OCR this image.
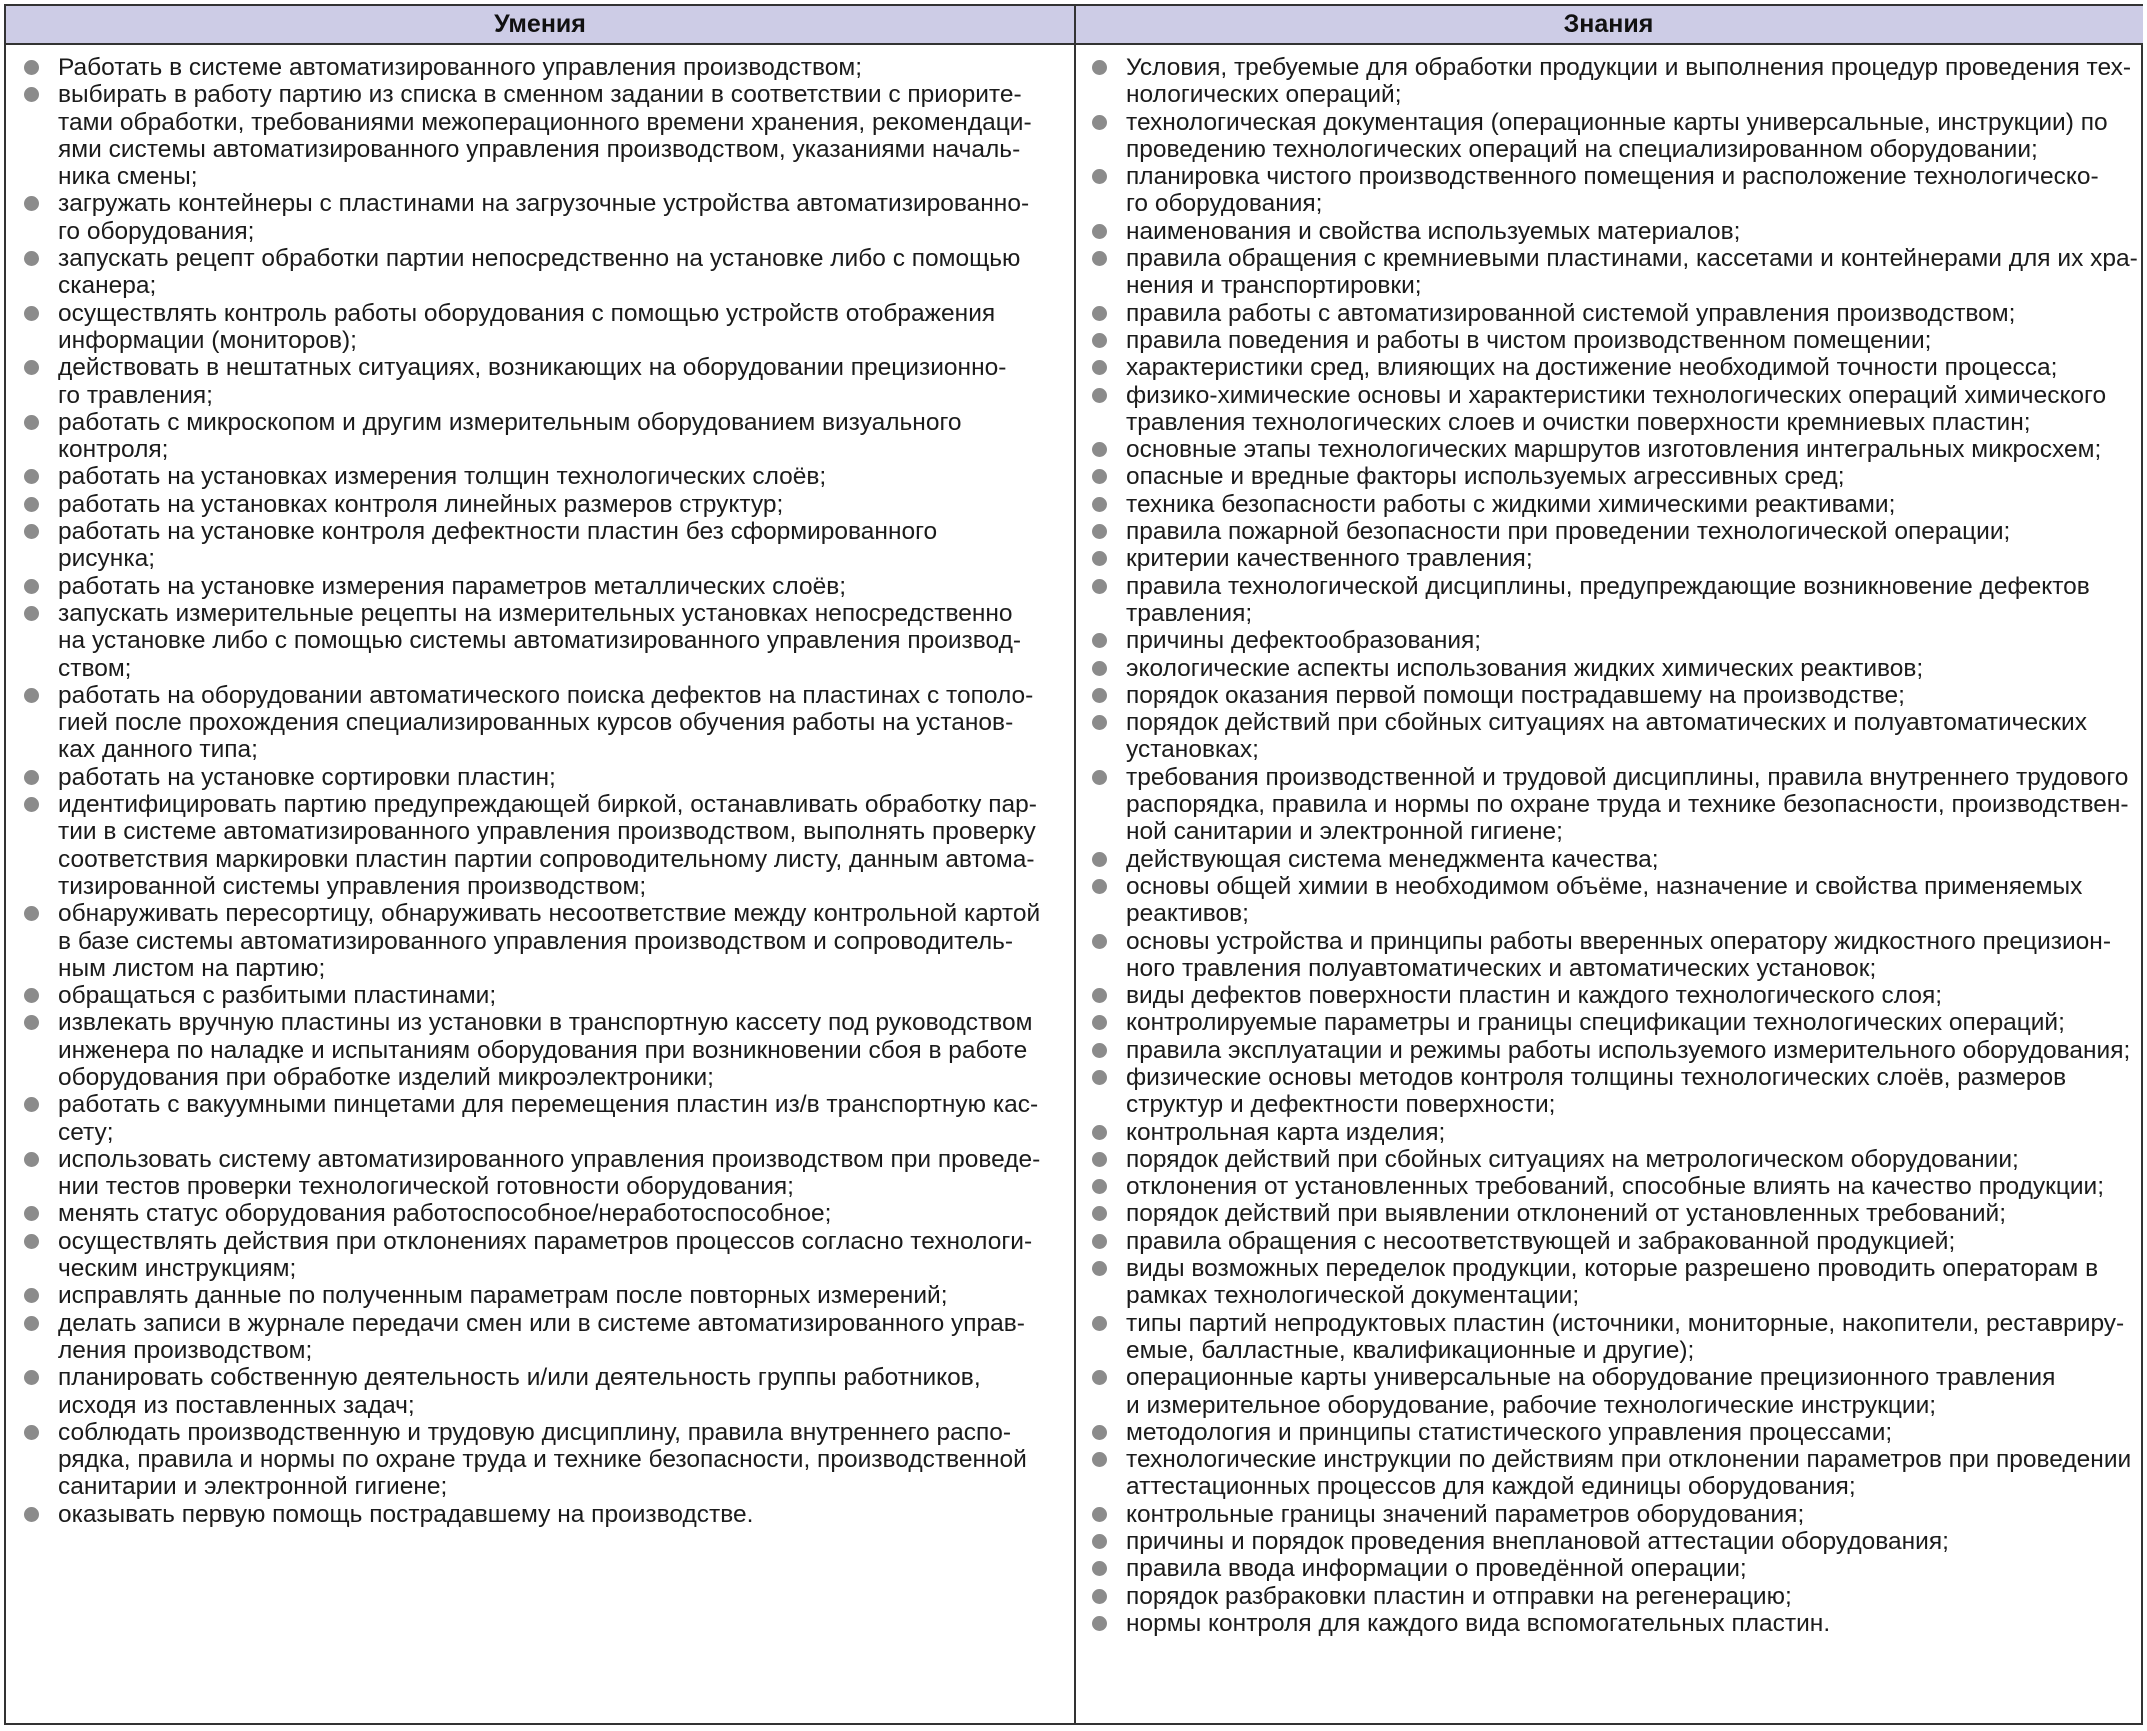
Умения	Знания
Работать в системе автоматизированного управления производством;
выбирать в работу партию из списка в сменном задании в соответствии с приорите-
тами обработки, требованиями межоперационного времени хранения, рекомендаци-
ями системы автоматизированного управления производством, указаниями началь-
ника смены;
загружать контейнеры с пластинами на загрузочные устройства автоматизированно-
го оборудования;
запускать рецепт обработки партии непосредственно на установке либо с помощью
сканера;
осуществлять контроль работы оборудования с помощью устройств отображения
информации (мониторов);
действовать в нештатных ситуациях, возникающих на оборудовании прецизионно-
го травления;
работать с микроскопом и другим измерительным оборудованием визуального
контроля;
работать на установках измерения толщин технологических слоёв;
работать на установках контроля линейных размеров структур;
работать на установке контроля дефектности пластин без сформированного
рисунка;
работать на установке измерения параметров металлических слоёв;
запускать измерительные рецепты на измерительных установках непосредственно
на установке либо с помощью системы автоматизированного управления производ-
ством;
работать на оборудовании автоматического поиска дефектов на пластинах с тополо-
гией после прохождения специализированных курсов обучения работы на установ-
ках данного типа;
работать на установке сортировки пластин;
идентифицировать партию предупреждающей биркой, останавливать обработку пар-
тии в системе автоматизированного управления производством, выполнять проверку
соответствия маркировки пластин партии сопроводительному листу, данным автома-
тизированной системы управления производством;
обнаруживать пересортицу, обнаруживать несоответствие между контрольной картой
в базе системы автоматизированного управления производством и сопроводитель-
ным листом на партию;
обращаться с разбитыми пластинами;
извлекать вручную пластины из установки в транспортную кассету под руководством
инженера по наладке и испытаниям оборудования при возникновении сбоя в работе
оборудования при обработке изделий микроэлектроники;
работать с вакуумными пинцетами для перемещения пластин из/в транспортную кас-
сету;
использовать систему автоматизированного управления производством при проведе-
нии тестов проверки технологической готовности оборудования;
менять статус оборудования работоспособное/неработоспособное;
осуществлять действия при отклонениях параметров процессов согласно технологи-
ческим инструкциям;
исправлять данные по полученным параметрам после повторных измерений;
делать записи в журнале передачи смен или в системе автоматизированного управ-
ления производством;
планировать собственную деятельность и/или деятельность группы работников,
исходя из поставленных задач;
соблюдать производственную и трудовую дисциплину, правила внутреннего распо-
рядка, правила и нормы по охране труда и технике безопасности, производственной
санитарии и электронной гигиене;
оказывать первую помощь пострадавшему на производстве.
Условия, требуемые для обработки продукции и выполнения процедур проведения тех-
нологических операций;
технологическая документация (операционные карты универсальные, инструкции) по
проведению технологических операций на специализированном оборудовании;
планировка чистого производственного помещения и расположение технологическо-
го оборудования;
наименования и свойства используемых материалов;
правила обращения с кремниевыми пластинами, кассетами и контейнерами для их хра-
нения и транспортировки;
правила работы с автоматизированной системой управления производством;
правила поведения и работы в чистом производственном помещении;
характеристики сред, влияющих на достижение необходимой точности процесса;
физико-химические основы и характеристики технологических операций химического
травления технологических слоев и очистки поверхности кремниевых пластин;
основные этапы технологических маршрутов изготовления интегральных микросхем;
опасные и вредные факторы используемых агрессивных сред;
техника безопасности работы с жидкими химическими реактивами;
правила пожарной безопасности при проведении технологической операции;
критерии качественного травления;
правила технологической дисциплины, предупреждающие возникновение дефектов
травления;
причины дефектообразования;
экологические аспекты использования жидких химических реактивов;
порядок оказания первой помощи пострадавшему на производстве;
порядок действий при сбойных ситуациях на автоматических и полуавтоматических
установках;
требования производственной и трудовой дисциплины, правила внутреннего трудового
распорядка, правила и нормы по охране труда и технике безопасности, производствен-
ной санитарии и электронной гигиене;
действующая система менеджмента качества;
основы общей химии в необходимом объёме, назначение и свойства применяемых
реактивов;
основы устройства и принципы работы вверенных оператору жидкостного прецизион-
ного травления полуавтоматических и автоматических установок;
виды дефектов поверхности пластин и каждого технологического слоя;
контролируемые параметры и границы спецификации технологических операций;
правила эксплуатации и режимы работы используемого измерительного оборудования;
физические основы методов контроля толщины технологических слоёв, размеров
структур и дефектности поверхности;
контрольная карта изделия;
порядок действий при сбойных ситуациях на метрологическом оборудовании;
отклонения от установленных требований, способные влиять на качество продукции;
порядок действий при выявлении отклонений от установленных требований;
правила обращения с несоответствующей и забракованной продукцией;
виды возможных переделок продукции, которые разрешено проводить операторам в
рамках технологической документации;
типы партий непродуктовых пластин (источники, мониторные, накопители, реставриру-
емые, балластные, квалификационные и другие);
операционные карты универсальные на оборудование прецизионного травления
и измерительное оборудование, рабочие технологические инструкции;
методология и принципы статистического управления процессами;
технологические инструкции по действиям при отклонении параметров при проведении
аттестационных процессов для каждой единицы оборудования;
контрольные границы значений параметров оборудования;
причины и порядок проведения внеплановой аттестации оборудования;
правила ввода информации о проведённой операции;
порядок разбраковки пластин и отправки на регенерацию;
нормы контроля для каждого вида вспомогательных пластин.
